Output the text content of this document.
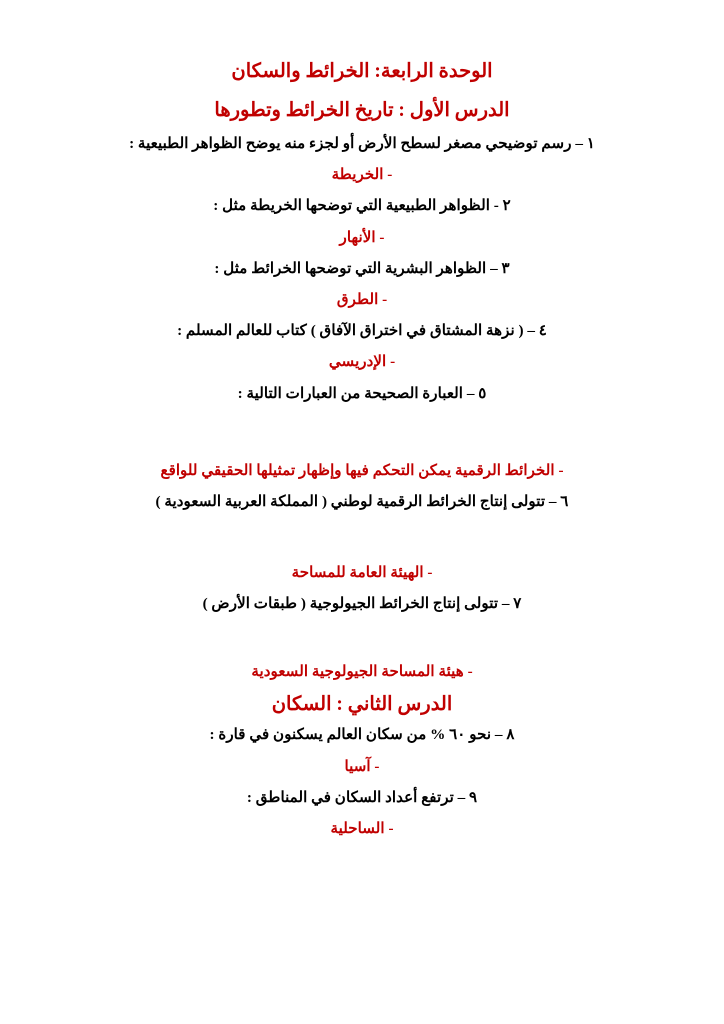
الوحدة الرابعة: الخرائط والسكان
الدرس الأول : تاريخ الخرائط وتطورها
١ – رسم توضيحي مصغر لسطح الأرض أو لجزء منه يوضح الظواهر الطبيعية :
- الخريطة
٢ - الظواهر الطبيعية التي توضحها الخريطة مثل :
- الأنهار
٣ – الظواهر البشرية التي توضحها الخرائط مثل :
- الطرق
٤ – ( نزهة المشتاق في اختراق الآفاق ) كتاب للعالم المسلم :
- الإدريسي
٥ – العبارة الصحيحة من العبارات التالية :
- الخرائط الرقمية يمكن التحكم فيها وإظهار تمثيلها الحقيقي للواقع
٦ – تتولى إنتاج الخرائط الرقمية لوطني ( المملكة العربية السعودية )
- الهيئة العامة للمساحة
٧ – تتولى إنتاج الخرائط الجيولوجية ( طبقات الأرض )
- هيئة المساحة الجيولوجية السعودية
الدرس الثاني : السكان
٨ – نحو ٦٠ % من سكان العالم يسكنون في قارة :
- آسيا
٩ – ترتفع أعداد السكان في المناطق :
- الساحلية
